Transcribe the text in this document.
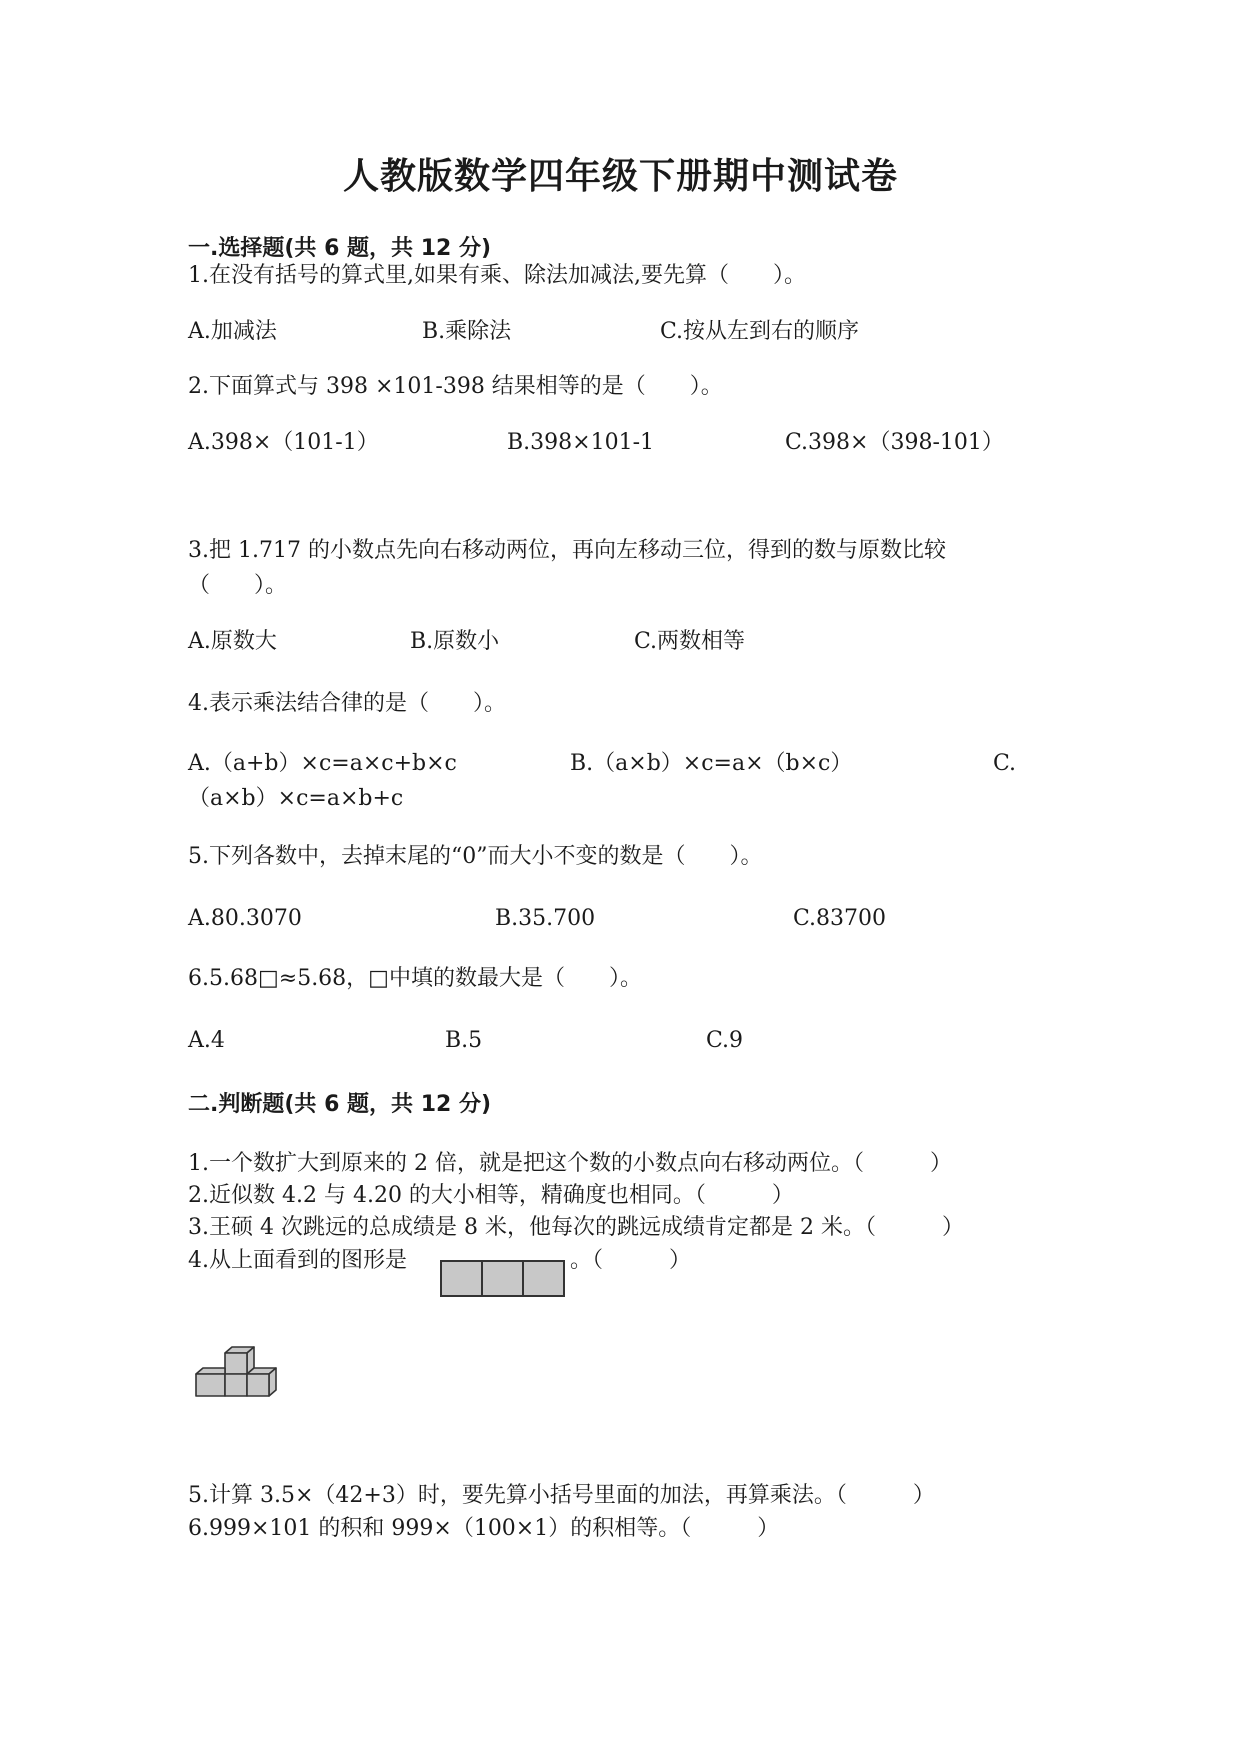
人教版数学四年级下册期中测试卷
一.选择题(共 6 题，共 12 分)
1.在没有括号的算式里,如果有乘、除法加减法,要先算（　　）。
A.加减法	B.乘除法	C.按从左到右的顺序
2.下面算式与 398 ×101-398 结果相等的是（　　）。
A.398×（101-1）	B.398×101-1	C.398×（398-101）
3.把 1.717 的小数点先向右移动两位，再向左移动三位，得到的数与原数比较
（　　）。
A.原数大	B.原数小	C.两数相等
4.表示乘法结合律的是（　　）。
A.（a+b）×c=a×c+b×c	B.（a×b）×c=a×（b×c）	C.
（a×b）×c=a×b+c
5.下列各数中，去掉末尾的“0”而大小不变的数是（　　）。
A.80.3070	B.35.700	C.83700
6.5.68□≈5.68，□中填的数最大是（　　）。
A.4	B.5	C.9
二.判断题(共 6 题，共 12 分)
1.一个数扩大到原来的 2 倍，就是把这个数的小数点向右移动两位。（　　　）
2.近似数 4.2 与 4.20 的大小相等，精确度也相同。（　　　）
3.王硕 4 次跳远的总成绩是 8 米，他每次的跳远成绩肯定都是 2 米。（　　　）
4.从上面看到的图形是	。（　　　）
5.计算 3.5×（42+3）时，要先算小括号里面的加法，再算乘法。（　　　）
6.999×101 的积和 999×（100×1）的积相等。（　　　）
